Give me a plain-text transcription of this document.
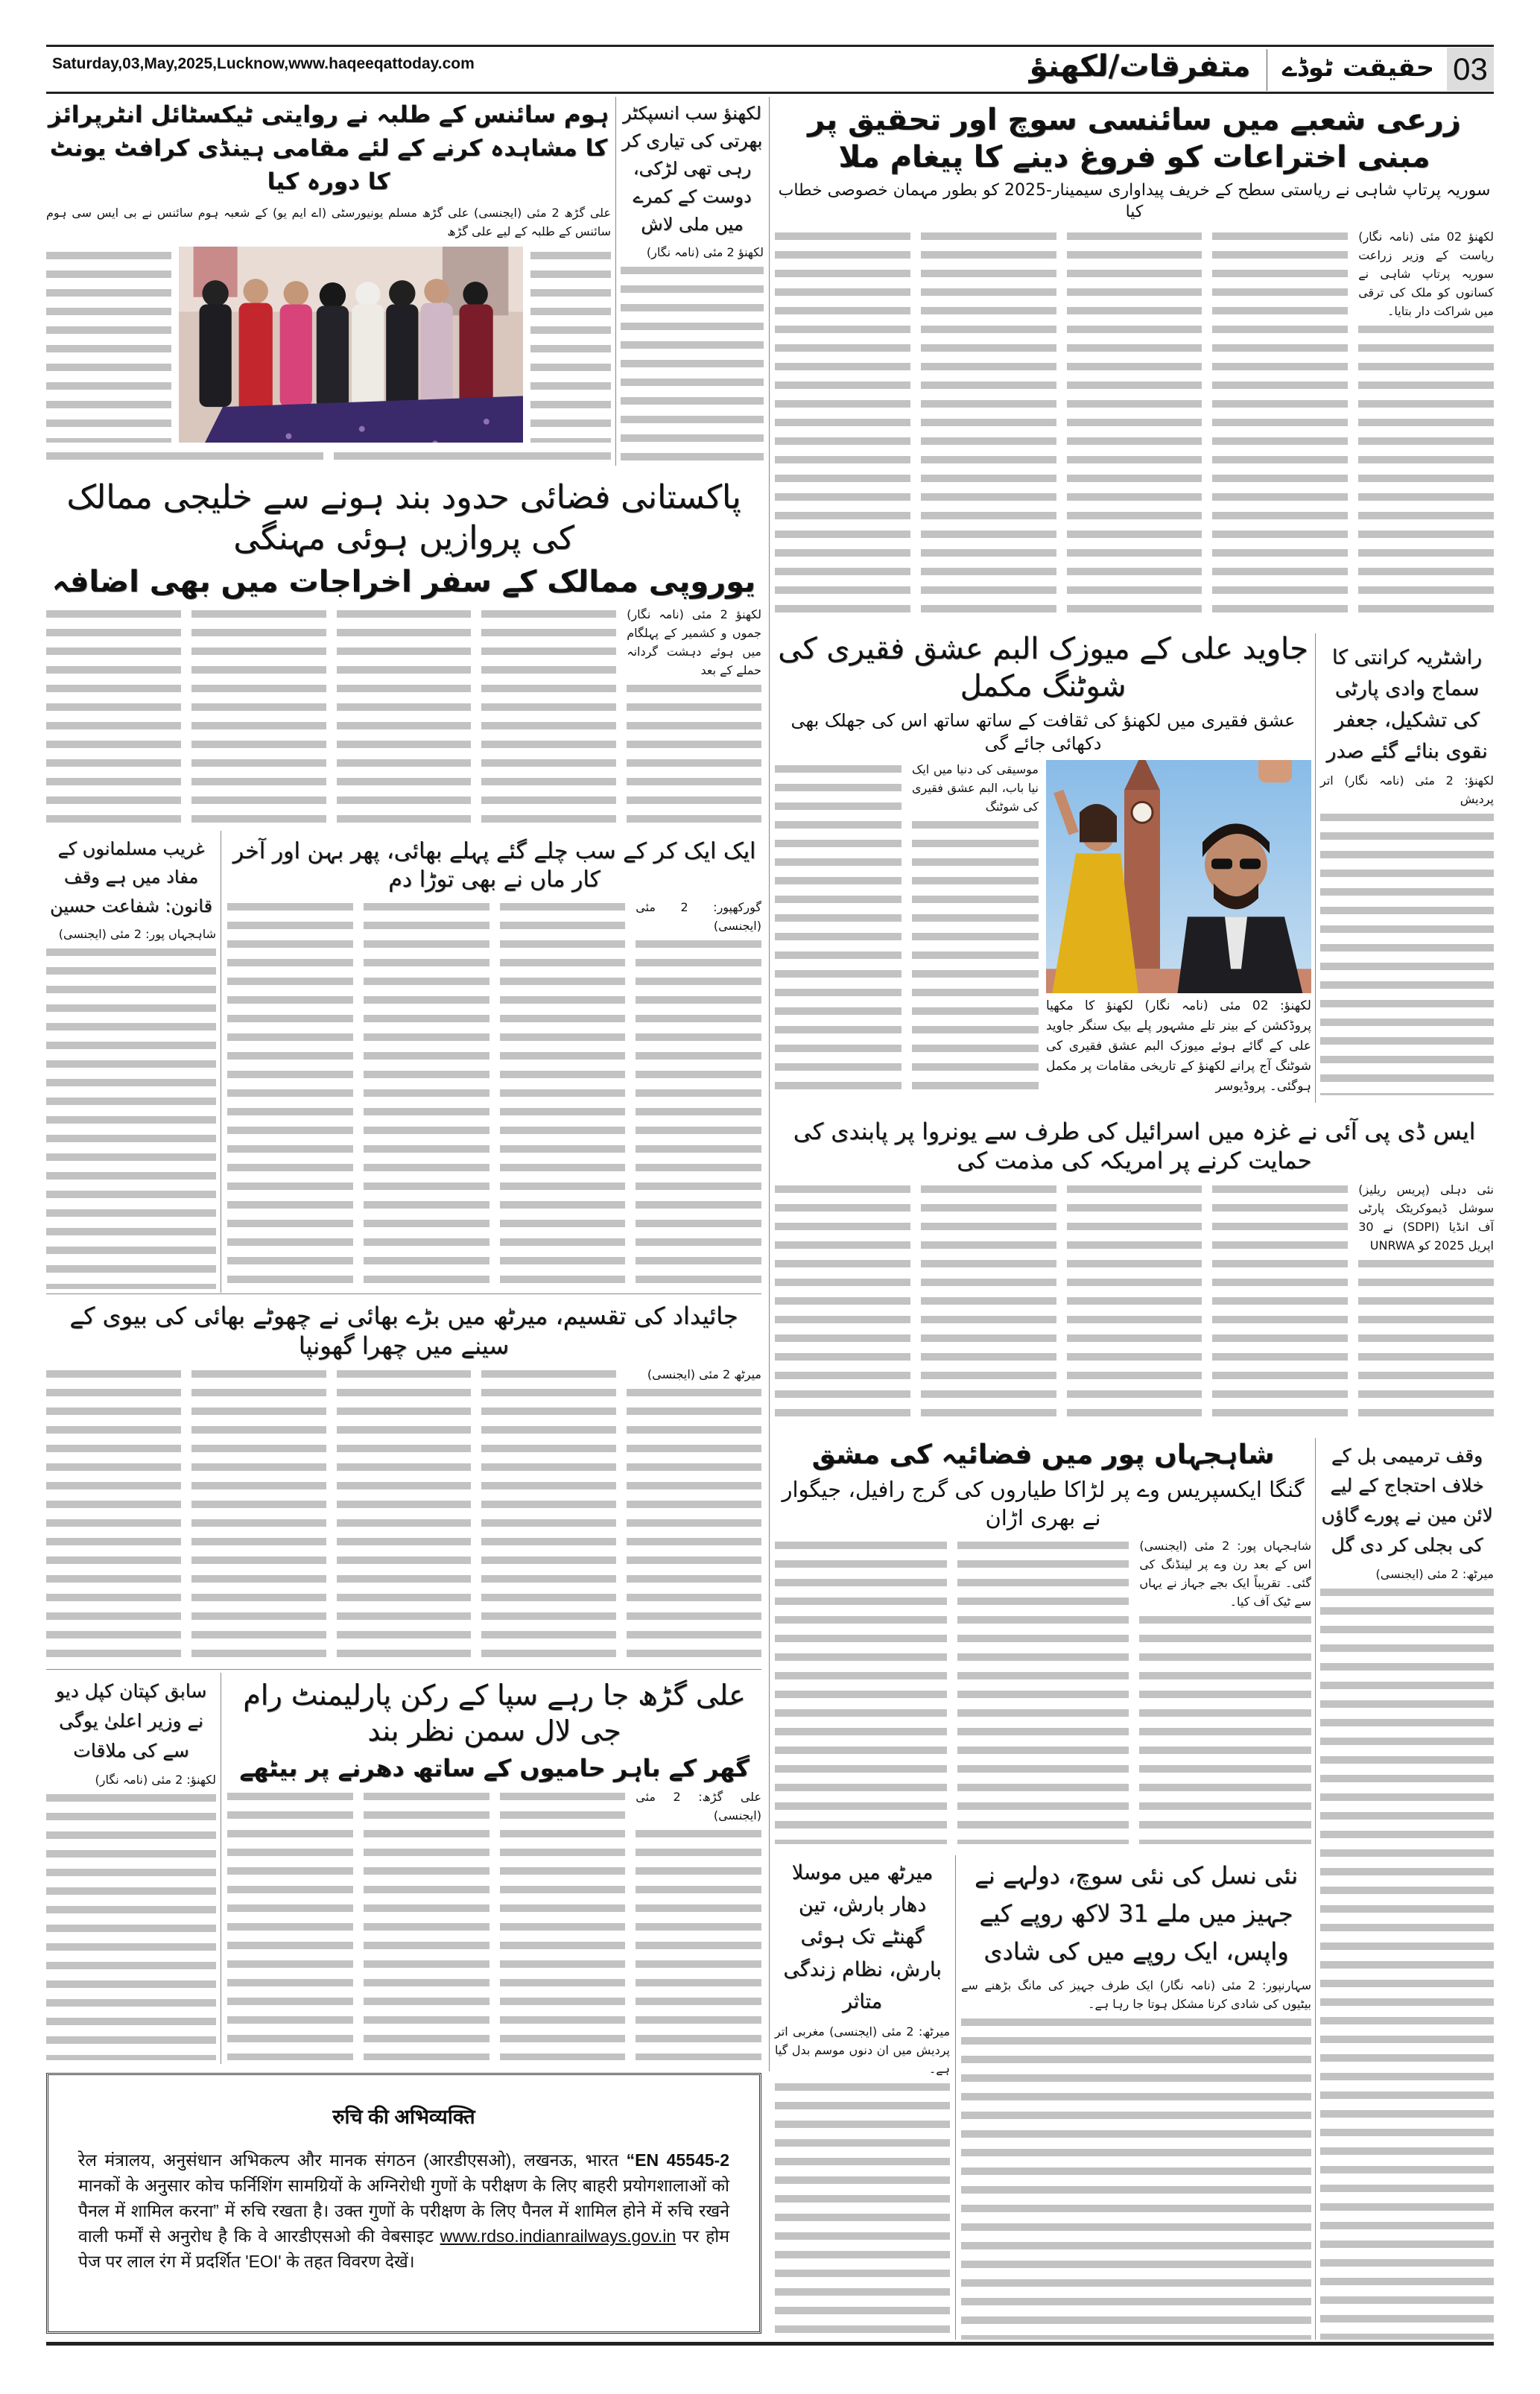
Saturday,03,May,2025,Lucknow,www.haqeeqattoday.com	متفرقات/لکھنؤ	حقیقت ٹوڈے 03
زرعی شعبے میں سائنسی سوچ اور تحقیق پر مبنی اختراعات کو فروغ دینے کا پیغام ملا
سوریہ پرتاپ شاہی نے ریاستی سطح کے خریف پیداواری سیمینار-2025 کو بطور مہمان خصوصی خطاب کیا

لکھنؤ 02 مئی (نامہ نگار) ریاست کے وزیر زراعت سوریہ پرتاپ شاہی نے کسانوں کو ملک کی ترقی میں شراکت دار بتایا۔

لکھنؤ سب انسپکٹر بھرتی کی تیاری کر رہی تھی لڑکی، دوست کے کمرے میں ملی لاش

لکھنؤ 2 مئی (نامہ نگار)

ہوم سائنس کے طلبہ نے روایتی ٹیکسٹائل انٹرپرائز کا مشاہدہ کرنے کے لئے مقامی ہینڈی کرافٹ یونٹ کا دورہ کیا

علی گڑھ 2 مئی (ایجنسی) علی گڑھ مسلم یونیورسٹی (اے ایم یو) کے شعبہ ہوم سائنس نے بی ایس سی ہوم سائنس کے طلبہ کے لیے علی گڑھ

پاکستانی فضائی حدود بند ہونے سے خلیجی ممالک کی پروازیں ہوئی مہنگی
یوروپی ممالک کے سفر اخراجات میں بھی اضافہ

لکھنؤ 2 مئی (نامہ نگار) جموں و کشمیر کے پہلگام میں ہوئے دہشت گردانہ حملے کے بعد

جاوید علی کے میوزک البم عشق فقیری کی شوٹنگ مکمل
عشق فقیری میں لکھنؤ کی ثقافت کے ساتھ ساتھ اس کی جھلک بھی دکھائی جائے گی

موسیقی کی دنیا میں ایک نیا باب، البم عشق فقیری کی شوٹنگ

لکھنؤ: 02 مئی (نامہ نگار) لکھنؤ کا مکھیا پروڈکشن کے بینر تلے مشہور پلے بیک سنگر جاوید علی کے گائے ہوئے میوزک البم عشق فقیری کی شوٹنگ آج پرانے لکھنؤ کے تاریخی مقامات پر مکمل ہوگئی۔ پروڈیوسر
راشٹریہ کرانتی کا سماج وادی پارٹی کی تشکیل، جعفر نقوی بنائے گئے صدر

لکھنؤ: 2 مئی (نامہ نگار) اتر پردیش

غریب مسلمانوں کے مفاد میں ہے وقف قانون: شفاعت حسین

شاہجہاں پور: 2 مئی (ایجنسی)

ایک ایک کر کے سب چلے گئے پہلے بھائی، پھر بہن اور آخر کار ماں نے بھی توڑا دم

گورکھپور: 2 مئی (ایجنسی)

ایس ڈی پی آئی نے غزہ میں اسرائیل کی طرف سے یونروا پر پابندی کی حمایت کرنے پر امریکہ کی مذمت کی

نئی دہلی (پریس ریلیز) سوشل ڈیموکریٹک پارٹی آف انڈیا (SDPI) نے 30 اپریل 2025 کو UNRWA

جائیداد کی تقسیم، میرٹھ میں بڑے بھائی نے چھوٹے بھائی کی بیوی کے سینے میں چھرا گھونپا

میرٹھ 2 مئی (ایجنسی)

شاہجہاں پور میں فضائیہ کی مشق
گنگا ایکسپریس وے پر لڑاکا طیاروں کی گرج رافیل، جیگوار نے بھری اڑان

شاہجہاں پور: 2 مئی (ایجنسی) اس کے بعد رن وے پر لینڈنگ کی گئی۔ تقریباً ایک بجے جہاز نے یہاں سے ٹیک آف کیا۔

وقف ترمیمی بل کے خلاف احتجاج کے لیے لائن مین نے پورے گاؤں کی بجلی کر دی گل

میرٹھ: 2 مئی (ایجنسی)

سابق کپتان کپل دیو نے وزیر اعلیٰ یوگی سے کی ملاقات

لکھنؤ: 2 مئی (نامہ نگار)

علی گڑھ جا رہے سپا کے رکن پارلیمنٹ رام جی لال سمن نظر بند
گھر کے باہر حامیوں کے ساتھ دھرنے پر بیٹھے

علی گڑھ: 2 مئی (ایجنسی)

میرٹھ میں موسلا دھار بارش، تین گھنٹے تک ہوئی بارش، نظام زندگی متاثر

میرٹھ: 2 مئی (ایجنسی) مغربی اتر پردیش میں ان دنوں موسم بدل گیا ہے۔

نئی نسل کی نئی سوچ، دولہے نے جہیز میں ملے 31 لاکھ روپے کیے واپس، ایک روپے میں کی شادی

سہارنپور: 2 مئی (نامہ نگار) ایک طرف جہیز کی مانگ بڑھنے سے بیٹیوں کی شادی کرنا مشکل ہوتا جا رہا ہے۔

रुचि की अभिव्यक्ति
रेल मंत्रालय, अनुसंधान अभिकल्प और मानक संगठन (आरडीएसओ), लखनऊ, भारत “EN 45545-2 मानकों के अनुसार कोच फर्निशिंग सामग्रियों के अग्निरोधी गुणों के परीक्षण के लिए बाहरी प्रयोगशालाओं को पैनल में शामिल करना” में रुचि रखता है। उक्त गुणों के परीक्षण के लिए पैनल में शामिल होने में रुचि रखने वाली फर्मों से अनुरोध है कि वे आरडीएसओ की वेबसाइट www.rdso.indianrailways.gov.in पर होम पेज पर लाल रंग में प्रदर्शित 'EOI' के तहत विवरण देखें।
